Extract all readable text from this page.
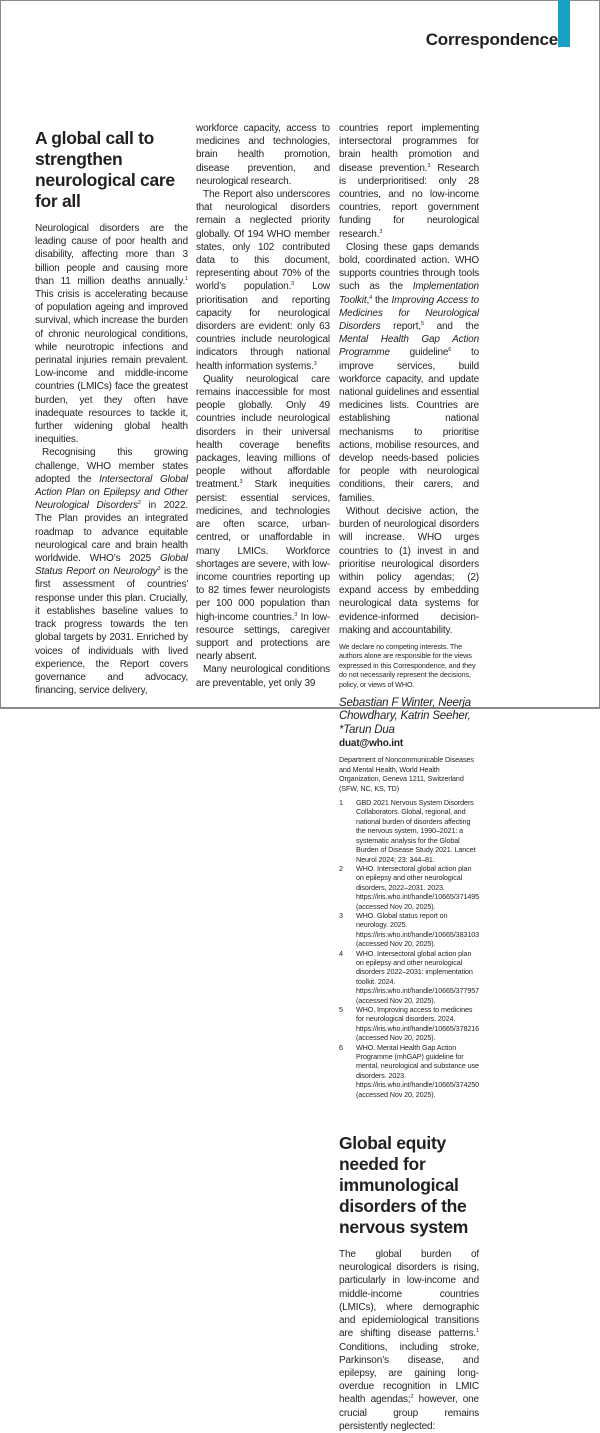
Correspondence
A global call to strengthen neurological care for all

Neurological disorders are the leading cause of poor health and disability, affecting more than 3 billion people and causing more than 11 million deaths annually.$^1$ This crisis is accelerating because of population ageing and improved survival, which increase the burden of chronic neurological conditions, while neurotropic infections and perinatal injuries remain prevalent. Low-income and middle-income countries (LMICs) face the greatest burden, yet they often have inadequate resources to tackle it, further widening global health inequities.

Recognising this growing challenge, WHO member states adopted the Intersectoral Global Action Plan on Epilepsy and Other Neurological Disorders$^2$ in 2022. The Plan provides an integrated roadmap to advance equitable neurological care and brain health worldwide. WHO’s 2025 Global Status Report on Neurology$^3$ is the first assessment of countries’ response under this plan. Crucially, it establishes baseline values to track progress towards the ten global targets by 2031. Enriched by voices of individuals with lived experience, the Report covers governance and advocacy, financing, service delivery,

workforce capacity, access to medicines and technologies, brain health promotion, disease prevention, and neurological research.

The Report also underscores that neurological disorders remain a neglected priority globally. Of 194 WHO member states, only 102 contributed data to this document, representing about 70% of the world’s population.$^3$ Low prioritisation and reporting capacity for neurological disorders are evident: only 63 countries include neurological indicators through national health information systems.$^3$

Quality neurological care remains inaccessible for most people globally. Only 49 countries include neurological disorders in their universal health coverage benefits packages, leaving millions of people without affordable treatment.$^3$ Stark inequities persist: essential services, medicines, and technologies are often scarce, urban-centred, or unaffordable in many LMICs. Workforce shortages are severe, with low-income countries reporting up to 82 times fewer neurologists per 100 000 population than high-income countries.$^3$ In low-resource settings, caregiver support and protections are nearly absent.

Many neurological conditions are preventable, yet only 39

countries report implementing intersectoral programmes for brain health promotion and disease prevention.$^3$ Research is underprioritised: only 28 countries, and no low-income countries, report government funding for neurological research.$^3$

Closing these gaps demands bold, coordinated action. WHO supports countries through tools such as the Implementation Toolkit,$^4$ the Improving Access to Medicines for Neurological Disorders report,$^5$ and the Mental Health Gap Action Programme guideline$^6$ to improve services, build workforce capacity, and update national guidelines and essential medicines lists. Countries are establishing	national mechanisms to prioritise actions, mobilise resources, and develop needs-based policies for people with neurological conditions, their carers, and families.

Without decisive action, the burden of neurological disorders will increase. WHO urges countries to (1) invest in and prioritise neurological disorders within policy agendas; (2) expand access by embedding neurological data systems for evidence-informed decision-making and accountability.

We declare no competing interests. The authors alone are responsible for the views expressed in this Correspondence, and they do not necessarily represent the decisions, policy, or views of WHO.
Sebastian F Winter, Neerja Chowdhary, Katrin Seeher, *Tarun Dua
duat@who.int
Department of Noncommunicable Diseases and Mental Health, World Health Organization, Geneva 1211, Switzerland (SFW, NC, KS, TD)
1	GBD 2021 Nervous System Disorders Collaborators. Global, regional, and national burden of disorders affecting the nervous system, 1990–2021: a systematic analysis for the Global Burden of Disease Study 2021. Lancet Neurol 2024; 23: 344–81.
2	WHO. Intersectoral global action plan on epilepsy and other neurological disorders, 2022–2031. 2023. https://iris.who.int/handle/10665/371495 (accessed Nov 20, 2025).
3	WHO. Global status report on neurology. 2025. https://iris.who.int/handle/10665/383103 (accessed Nov 20, 2025).
4	WHO. Intersectoral global action plan on epilepsy and other neurological disorders 2022–2031: implementation toolkit. 2024. https://iris.who.int/handle/10665/377957 (accessed Nov 20, 2025).
5	WHO. Improving access to medicines for neurological disorders. 2024. https://iris.who.int/handle/10665/378216 (accessed Nov 20, 2025).
6	WHO. Mental Health Gap Action Programme (mhGAP) guideline for mental, neurological and substance use disorders. 2023. https://iris.who.int/handle/10665/374250 (accessed Nov 20, 2025).
Global equity needed for immunological disorders of the nervous system

The global burden of neurological disorders is rising, particularly in low-income and middle-income	countries (LMICs), where demographic and epidemiological transitions are shifting disease patterns.$^1$ Conditions, including stroke, Parkinson’s disease, and epilepsy, are gaining long-overdue recognition in LMIC health agendas;$^2$ however, one crucial	group	remains persistently neglected:
